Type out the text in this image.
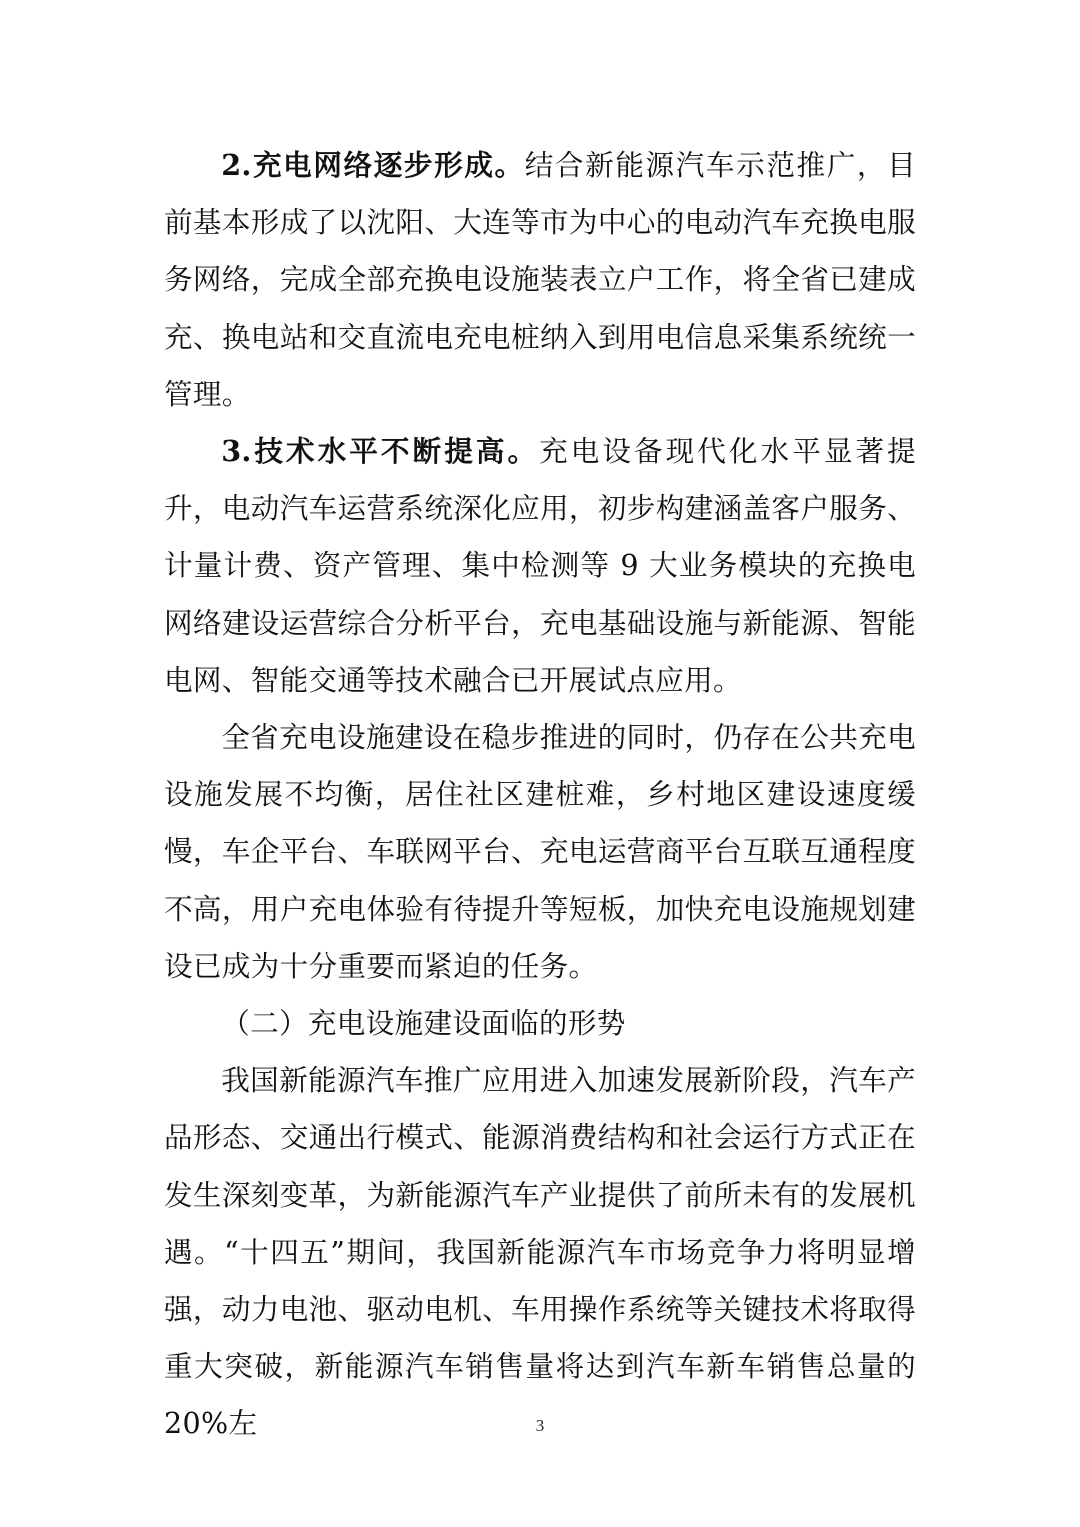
2.充电网络逐步形成。结合新能源汽车示范推广，目前基本形成了以沈阳、大连等市为中心的电动汽车充换电服务网络，完成全部充换电设施装表立户工作，将全省已建成充、换电站和交直流电充电桩纳入到用电信息采集系统统一管理。

3.技术水平不断提高。充电设备现代化水平显著提升，电动汽车运营系统深化应用，初步构建涵盖客户服务、计量计费、资产管理、集中检测等 9 大业务模块的充换电网络建设运营综合分析平台，充电基础设施与新能源、智能电网、智能交通等技术融合已开展试点应用。

全省充电设施建设在稳步推进的同时，仍存在公共充电设施发展不均衡，居住社区建桩难，乡村地区建设速度缓慢，车企平台、车联网平台、充电运营商平台互联互通程度不高，用户充电体验有待提升等短板，加快充电设施规划建设已成为十分重要而紧迫的任务。

（二）充电设施建设面临的形势

我国新能源汽车推广应用进入加速发展新阶段，汽车产品形态、交通出行模式、能源消费结构和社会运行方式正在发生深刻变革，为新能源汽车产业提供了前所未有的发展机遇。“十四五”期间，我国新能源汽车市场竞争力将明显增强，动力电池、驱动电机、车用操作系统等关键技术将取得重大突破，新能源汽车销售量将达到汽车新车销售总量的 20%左	3
